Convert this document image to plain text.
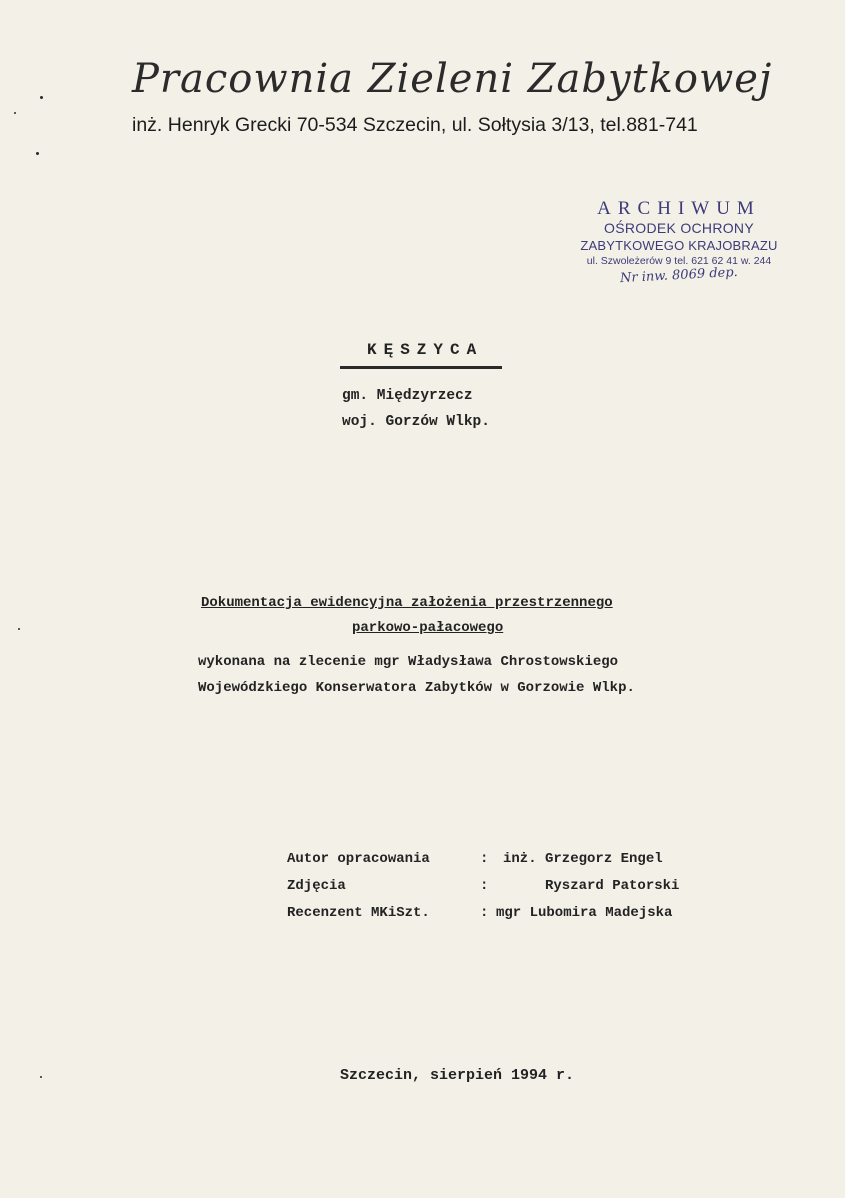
Pracownia Zieleni Zabytkowej
inż. Henryk Grecki 70-534 Szczecin, ul. Sołtysia 3/13, tel.881-741
ARCHIWUM
OŚRODEK OCHRONY
ZABYTKOWEGO KRAJOBRAZU
ul. Szwoleżerów 9 tel. 621 62 41 w. 244
Nr inw. 8069 dep.
KĘSZYCA
gm. Międzyrzecz
woj. Gorzów Wlkp.
Dokumentacja ewidencyjna założenia przestrzennego
parkowo-pałacowego
wykonana na zlecenie mgr Władysława Chrostowskiego
Wojewódzkiego Konserwatora Zabytków w Gorzowie Wlkp.
Autor opracowania	: inż. Grzegorz Engel
Zdjęcia	:	Ryszard Patorski
Recenzent MKiSzt.	: mgr Lubomira Madejska
Szczecin, sierpień 1994 r.
